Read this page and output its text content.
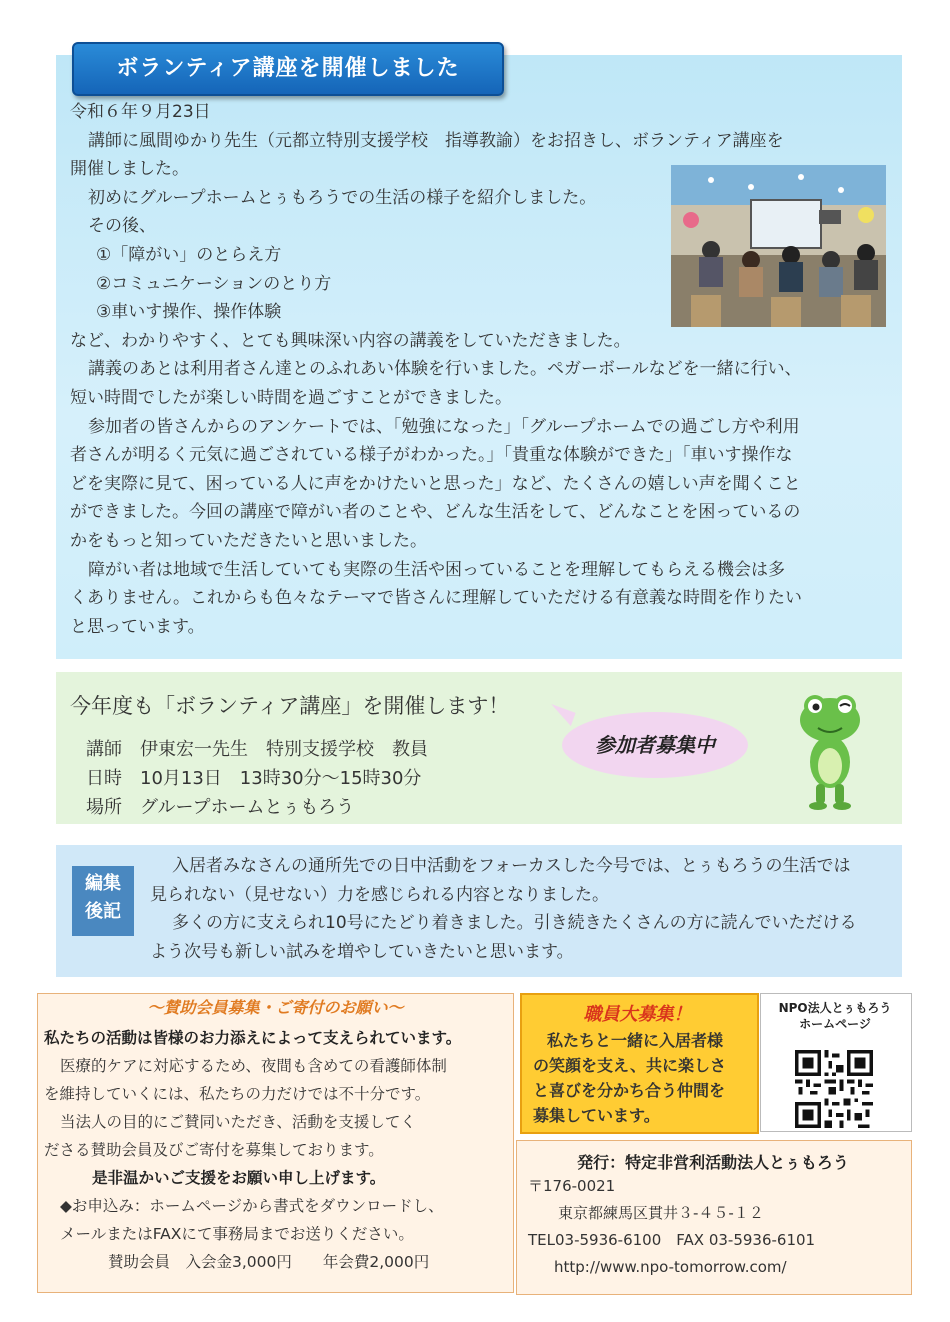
ボランティア講座を開催しました

令和６年９月23日

講師に風間ゆかり先生（元都立特別支援学校　指導教諭）をお招きし、ボランティア講座を

開催しました。

初めにグループホームとぅもろうでの生活の様子を紹介しました。

その後、

①「障がい」のとらえ方

②コミュニケーションのとり方

③車いす操作、操作体験

など、わかりやすく、とても興味深い内容の講義をしていただきました。

講義のあとは利用者さん達とのふれあい体験を行いました。ペガーボールなどを一緒に行い、

短い時間でしたが楽しい時間を過ごすことができました。

参加者の皆さんからのアンケートでは、「勉強になった」「グループホームでの過ごし方や利用

者さんが明るく元気に過ごされている様子がわかった。」「貴重な体験ができた」「車いす操作な

どを実際に見て、困っている人に声をかけたいと思った」など、たくさんの嬉しい声を聞くこと

ができました。今回の講座で障がい者のことや、どんな生活をして、どんなことを困っているの

かをもっと知っていただきたいと思いました。

障がい者は地域で生活していても実際の生活や困っていることを理解してもらえる機会は多

くありません。これからも色々なテーマで皆さんに理解していただける有意義な時間を作りたい

と思っています。

今年度も「ボランティア講座」を開催します！
講師　伊東宏一先生　特別支援学校　教員
日時　10月13日　13時30分～15時30分
場所　グループホームとぅもろう
参加者募集中
編集
後記
入居者みなさんの通所先での日中活動をフォーカスした今号では、とぅもろうの生活では
見られない（見せない）力を感じられる内容となりました。
多くの方に支えられ10号にたどり着きました。引き続きたくさんの方に読んでいただける
よう次号も新しい試みを増やしていきたいと思います。
～賛助会員募集・ご寄付のお願い～
私たちの活動は皆様のお力添えによって支えられています。
医療的ケアに対応するため、夜間も含めての看護師体制
を維持していくには、私たちの力だけでは不十分です。
当法人の目的にご賛同いただき、活動を支援してく
ださる賛助会員及びご寄付を募集しております。
是非温かいご支援をお願い申し上げます。
◆お申込み：ホームページから書式をダウンロードし、
メールまたはFAXにて事務局までお送りください。
賛助会員　入会金3,000円　　年会費2,000円
職員大募集！
私たちと一緒に入居者様
の笑顔を支え、共に楽しさ
と喜びを分かち合う仲間を
募集しています。
NPO法人とぅもろう
ホームページ
発行：特定非営利活動法人とぅもろう
〒176-0021
東京都練馬区貫井３-４５-１２
TEL03-5936-6100　FAX 03-5936-6101
http://www.npo-tomorrow.com/
